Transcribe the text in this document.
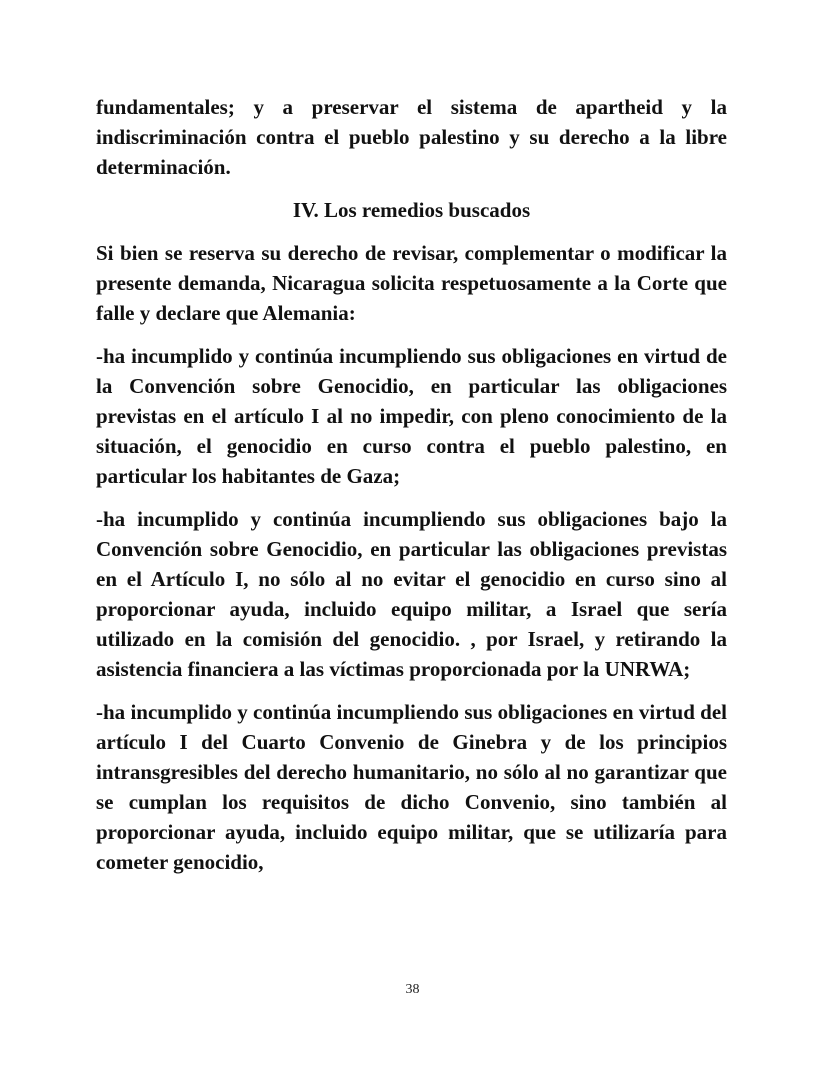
fundamentales; y a preservar el sistema de apartheid y la indiscriminación contra el pueblo palestino y su derecho a la libre determinación.

IV. Los remedios buscados

Si bien se reserva su derecho de revisar, complementar o modificar la presente demanda, Nicaragua solicita respetuosamente a la Corte que falle y declare que Alemania:

-ha incumplido y continúa incumpliendo sus obligaciones en virtud de la Convención sobre Genocidio, en particular las obligaciones previstas en el artículo I al no impedir, con pleno conocimiento de la situación, el genocidio en curso contra el pueblo palestino, en particular los habitantes de Gaza;

-ha incumplido y continúa incumpliendo sus obligaciones bajo la Convención sobre Genocidio, en particular las obligaciones previstas en el Artículo I, no sólo al no evitar el genocidio en curso sino al proporcionar ayuda, incluido equipo militar, a Israel que sería utilizado en la comisión del genocidio. , por Israel, y retirando la asistencia financiera a las víctimas proporcionada por la UNRWA;

-ha incumplido y continúa incumpliendo sus obligaciones en virtud del artículo I del Cuarto Convenio de Ginebra y de los principios intransgresibles del derecho humanitario, no sólo al no garantizar que se cumplan los requisitos de dicho Convenio, sino también al proporcionar ayuda, incluido equipo militar, que se utilizaría para cometer genocidio,

38
